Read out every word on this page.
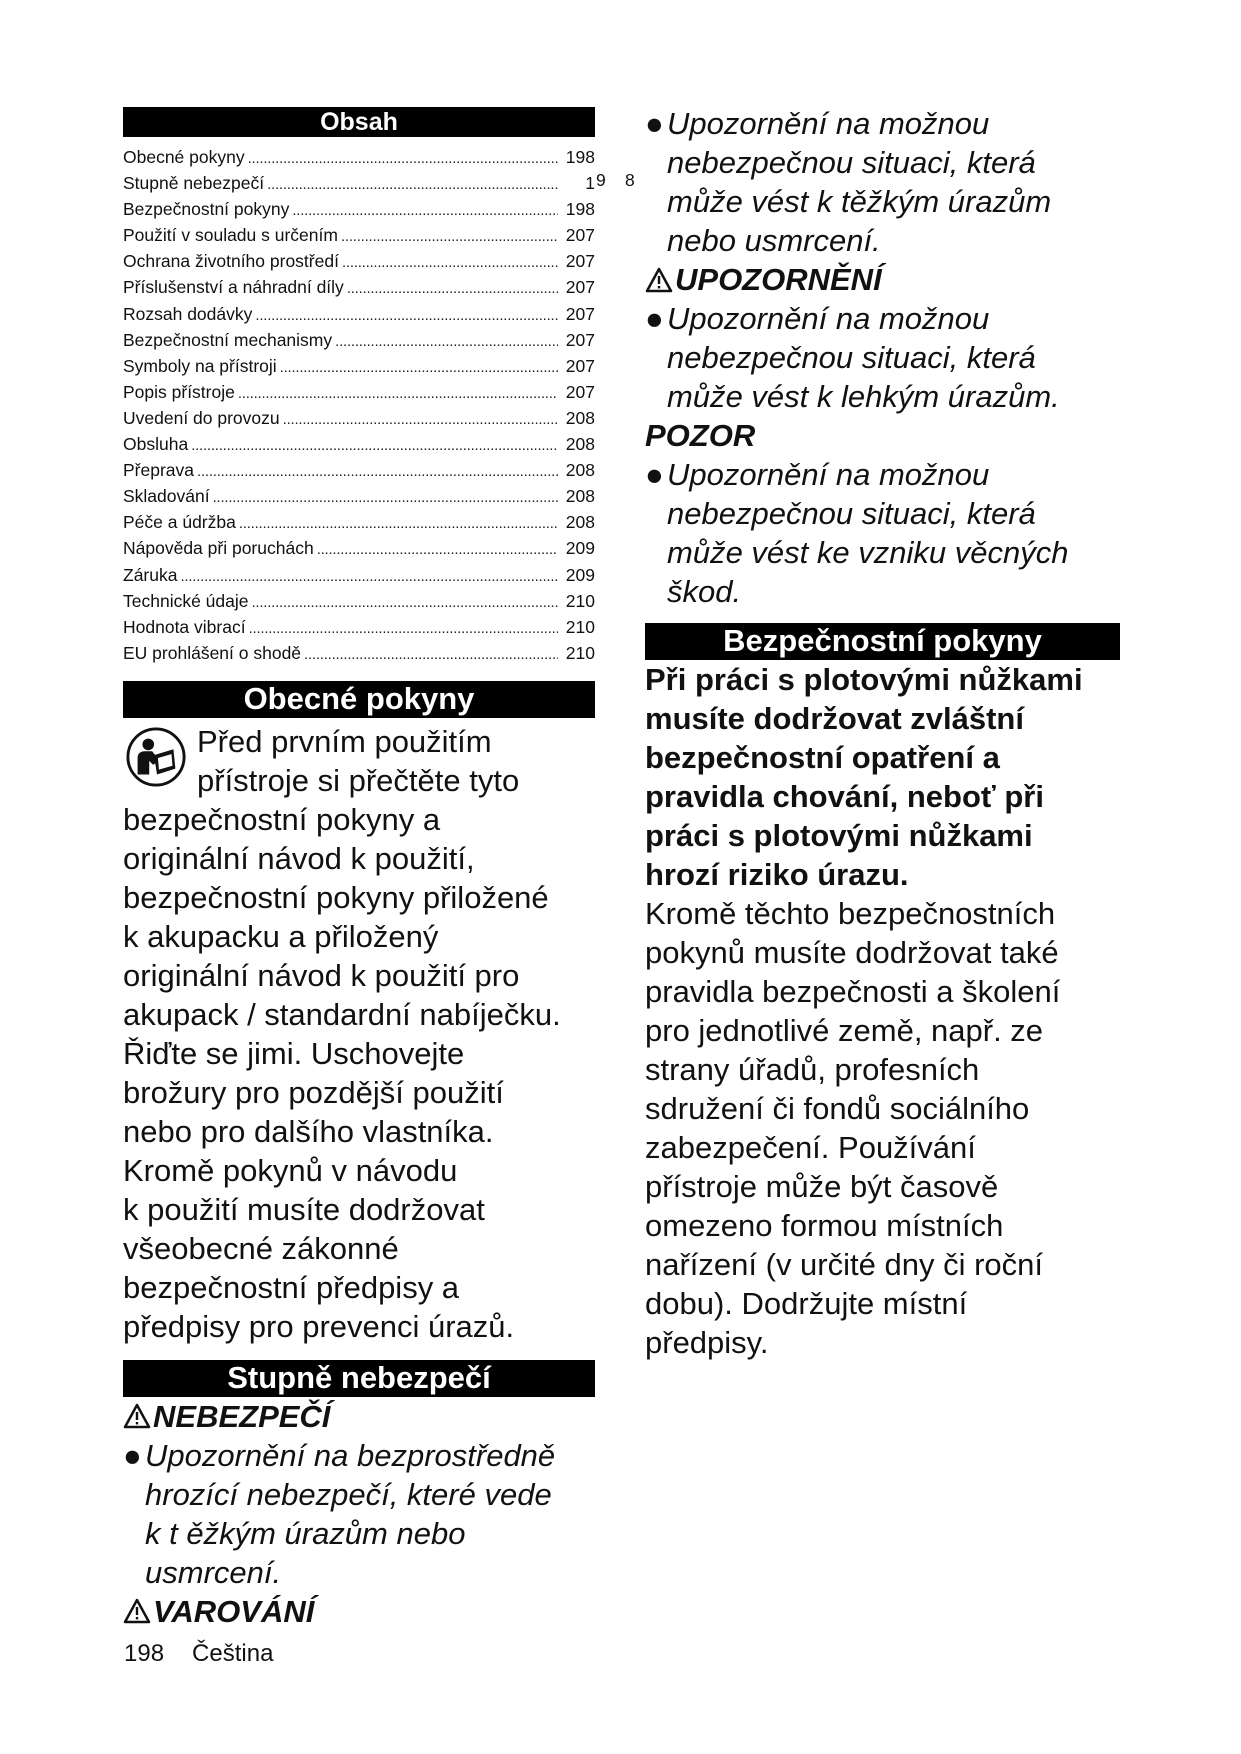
Obsah
Obecné pokyny . . .	198
Stupně nebezpečí . . .	1
Bezpečnostní pokyny . . .	198
Použití v souladu s určením . . .	207
Ochrana životního prostředí . . .	207
Příslušenství a náhradní díly . . .	207
Rozsah dodávky . . .	207
Bezpečnostní mechanismy . . .	207
Symboly na přístroji . . .	207
Popis přístroje . . .	207
Uvedení do provozu . . .	208
Obsluha . . .	208
Přeprava . . .	208
Skladování . . .	208
Péče a údržba . . .	208
Nápověda při poruchách . . .	209
Záruka . . .	209
Technické údaje . . .	210
Hodnota vibrací . . .	210
EU prohlášení o shodě . . .	210
Obecné pokyny
Před prvním použitím
přístroje si přečtěte tyto
bezpečnostní pokyny a
originální návod k použití,
bezpečnostní pokyny přiložené
k akupacku a přiložený
originální návod k použití pro
akupack / standardní nabíječku.
Řiďte se jimi. Uschovejte
brožury pro pozdější použití
nebo pro dalšího vlastníka.
Kromě pokynů v návodu
k použití musíte dodržovat
všeobecné zákonné
bezpečnostní předpisy a
předpisy pro prevenci úrazů.
Stupně nebezpečí
NEBEZPEČÍ
● Upozornění na bezprostředně
hrozící nebezpečí, které vede
k t ěžkým úrazům nebo
usmrcení.
VAROVÁNÍ
9 8
● Upozornění na možnou
nebezpečnou situaci, která
může vést k těžkým úrazům
nebo usmrcení.
UPOZORNĚNÍ
● Upozornění na možnou
nebezpečnou situaci, která
může vést k lehkým úrazům.
POZOR
● Upozornění na možnou
nebezpečnou situaci, která
může vést ke vzniku věcných
škod.
Bezpečnostní pokyny
Při práci s plotovými nůžkami
musíte dodržovat zvláštní
bezpečnostní opatření a
pravidla chování, neboť při
práci s plotovými nůžkami
hrozí riziko úrazu.
Kromě těchto bezpečnostních
pokynů musíte dodržovat také
pravidla bezpečnosti a školení
pro jednotlivé země, např. ze
strany úřadů, profesních
sdružení či fondů sociálního
zabezpečení. Používání
přístroje může být časově
omezeno formou místních
nařízení (v určité dny či roční
dobu). Dodržujte místní
předpisy.
198 Čeština
